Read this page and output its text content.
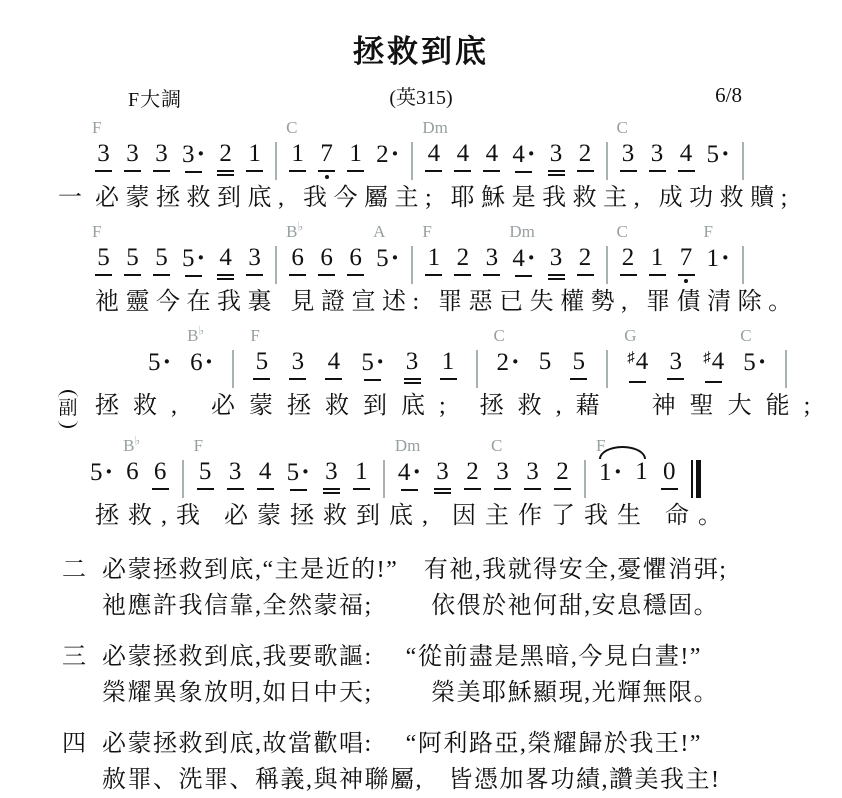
拯救到底
F大調	(英315)	6/8
F
3 3 3 3 · 2 1
C
1 7 1 2 ·
Dm
4 4 4 4 · 3 2
C
3 3 4 5 ·
一 必蒙拯救到底, 我今屬主; 耶穌是我救主, 成功救贖;
F
5 5 5 5 · 4 3
B♭
6 6 6
A
5 ·
F
1 2 3
Dm
4 · 3 2
C
2 1 7
F
1 ·
祂靈今在我裏 見證宣述: 罪惡已失權勢, 罪債清除。
5 ·
B♭
6 ·
F
5 3 4 5 · 3 1
C
2 · 5 5
G
♯ 4 3 ♯ 4
C
5 ·
副 拯救, 必蒙拯救到底; 拯救,藉　神聖大能;
5 ·
B♭
6 6
F
5 3 4 5 · 3 1
Dm
4 · 3 2
C
3 3 2
F
1 · 1 0
拯救,我 必蒙拯救到底, 因主作了我生 命。
二 必蒙拯救到底,“主是近的!”　有祂,我就得安全,憂懼消弭;
祂應許我信靠,全然蒙福;　 　依偎於祂何甜,安息穩固。
三 必蒙拯救到底,我要歌謳:　 “從前盡是黑暗,今見白晝!”
榮耀異象放明,如日中天;　 　榮美耶穌顯現,光輝無限。
四 必蒙拯救到底,故當歡唱:　 “阿利路亞,榮耀歸於我王!”
赦罪、洗罪、稱義,與神聯屬,　皆憑加畧功績,讚美我主!
